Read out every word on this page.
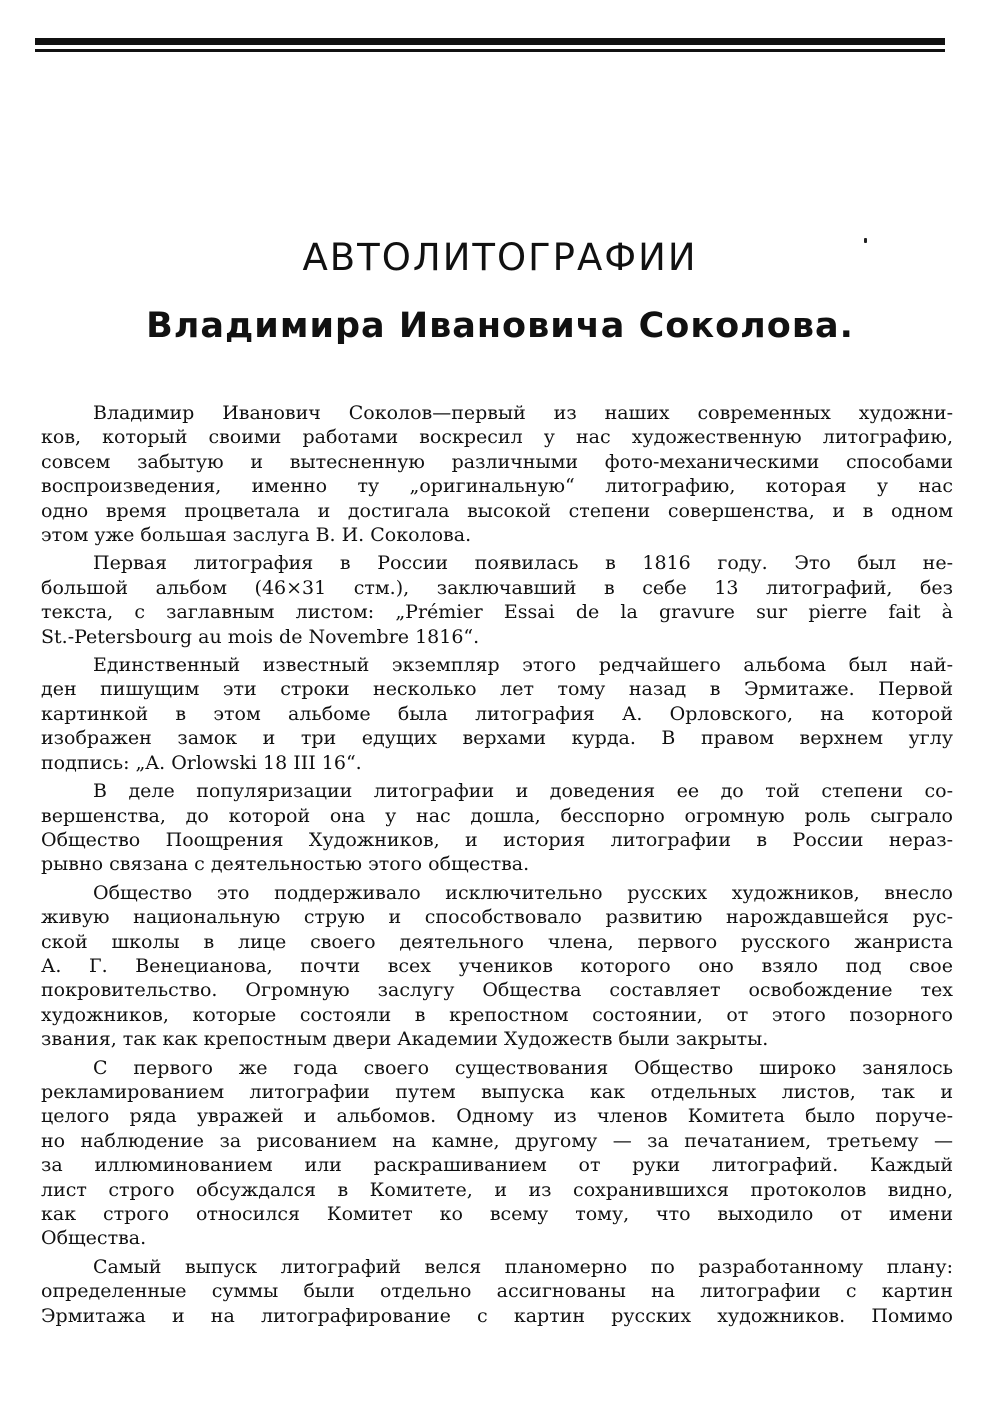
АВТОЛИТОГРАФИИ
Владимира Ивановича Соколова.
Владимир Иванович Соколов—первый из наших современных художни-
ков, который своими работами воскресил у нас художественную литографию,
совсем забытую и вытесненную различными фото-механическими способами
воспроизведения, именно ту „оригинальную“ литографию, которая у нас
одно время процветала и достигала высокой степени совершенства, и в одном
этом уже большая заслуга В. И. Соколова.
Первая литография в России появилась в 1816 году. Это был не-
большой альбом (46×31 стм.), заключавший в себе 13 литографий, без
текста, с заглавным листом: „Prémier Essai de la gravure sur pierre fait à
St.-Petersbourg au mois de Novembre 1816“.
Единственный известный экземпляр этого редчайшего альбома был най-
ден пишущим эти строки несколько лет тому назад в Эрмитаже. Первой
картинкой в этом альбоме была литография А. Орловского, на которой
изображен замок и три едущих верхами курда. В правом верхнем углу
подпись: „A. Orlowski 18 III 16“.
В деле популяризации литографии и доведения ее до той степени со-
вершенства, до которой она у нас дошла, бесспорно огромную роль сыграло
Общество Поощрения Художников, и история литографии в России нераз-
рывно связана с деятельностью этого общества.
Общество это поддерживало исключительно русских художников, внесло
живую национальную струю и способствовало развитию нарождавшейся рус-
ской школы в лице своего деятельного члена, первого русского жанриста
А. Г. Венецианова, почти всех учеников которого оно взяло под свое
покровительство. Огромную заслугу Общества составляет освобождение тех
художников, которые состояли в крепостном состоянии, от этого позорного
звания, так как крепостным двери Академии Художеств были закрыты.
С первого же года своего существования Общество широко занялось
рекламированием литографии путем выпуска как отдельных листов, так и
целого ряда увражей и альбомов. Одному из членов Комитета было поруче-
но наблюдение за рисованием на камне, другому — за печатанием, третьему —
за иллюминованием или раскрашиванием от руки литографий. Каждый
лист строго обсуждался в Комитете, и из сохранившихся протоколов видно,
как строго относился Комитет ко всему тому, что выходило от имени
Общества.
Самый выпуск литографий велся планомерно по разработанному плану:
определенные суммы были отдельно ассигнованы на литографии с картин
Эрмитажа и на литографирование с картин русских художников. Помимо
